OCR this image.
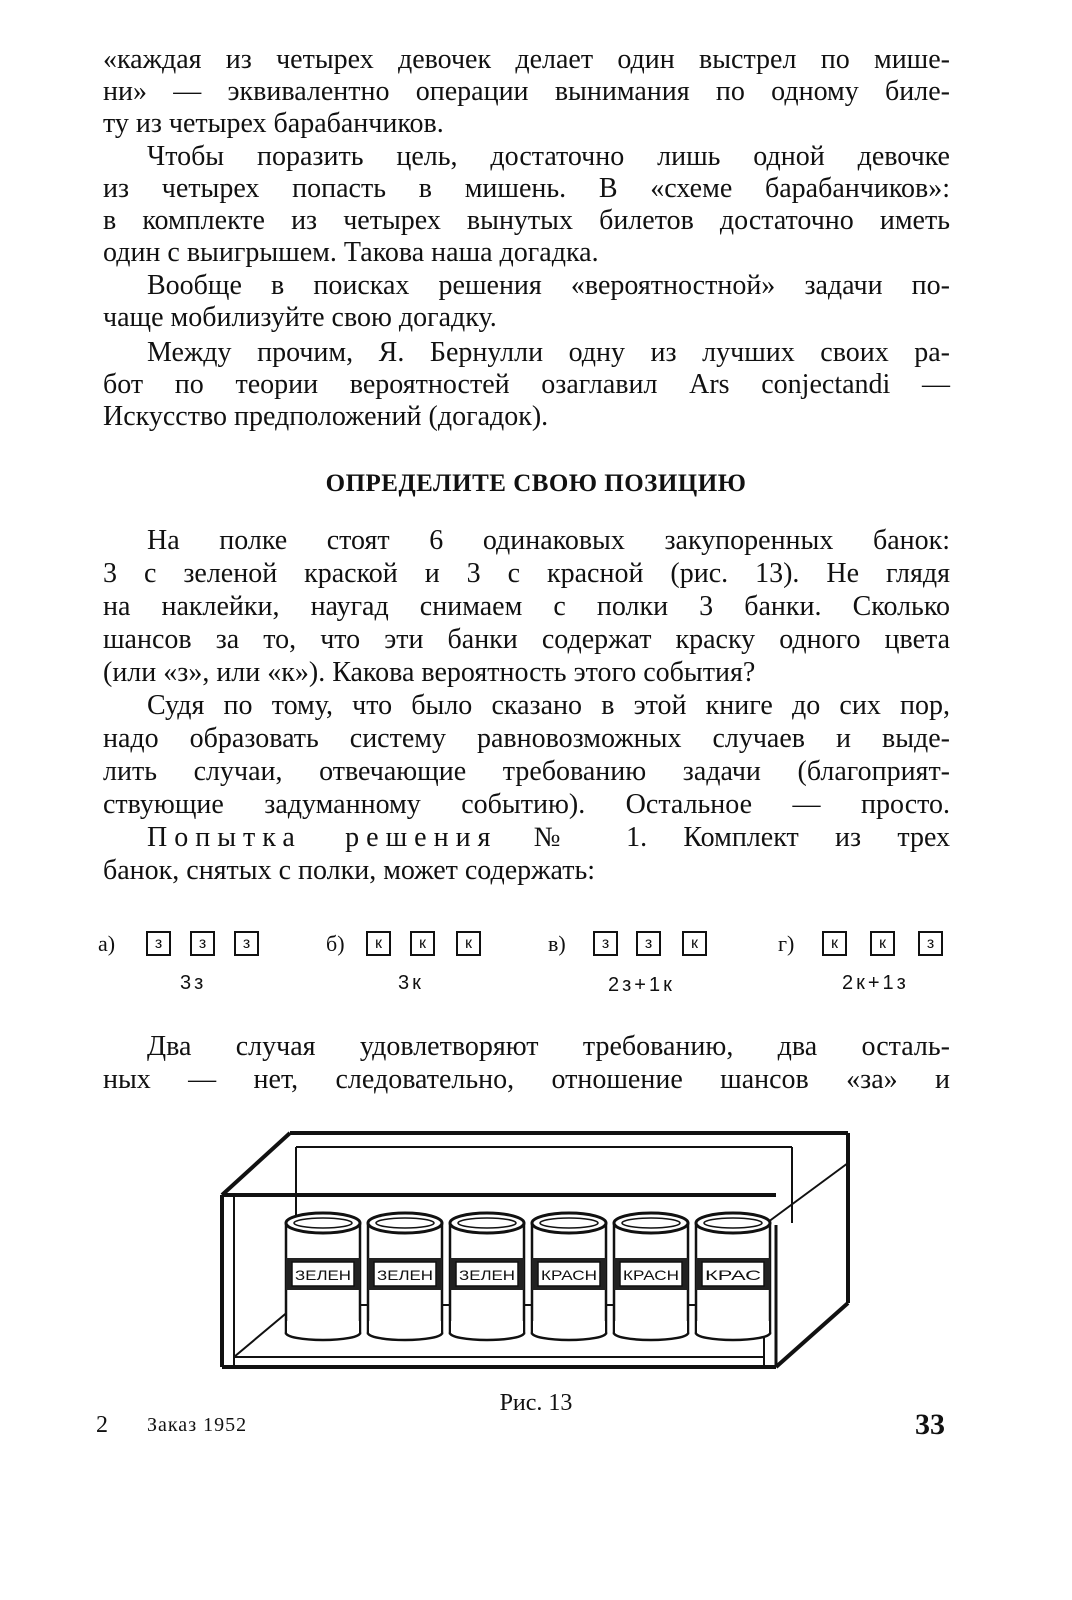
«каждая из четырех девочек делает один выстрел по мише-
ни» — эквивалентно операции вынимания по одному биле-
ту из четырех барабанчиков.
Чтобы поразить цель, достаточно лишь одной девочке
из четырех попасть в мишень. В «схеме барабанчиков»:
в комплекте из четырех вынутых билетов достаточно иметь
один с выигрышем. Такова наша догадка.
Вообще в поисках решения «вероятностной» задачи по-
чаще мобилизуйте свою догадку.
Между прочим, Я. Бернулли одну из лучших своих ра-
бот по теории вероятностей озаглавил Ars conjectandi —
Искусство предположений (догадок).
ОПРЕДЕЛИТЕ СВОЮ ПОЗИЦИЮ
На полке стоят 6 одинаковых закупоренных банок:
3 с зеленой краской и 3 с красной (рис. 13). Не глядя
на наклейки, наугад снимаем с полки 3 банки. Сколько
шансов за то, что эти банки содержат краску одного цвета
(или «з», или «к»). Какова вероятность этого события?
Судя по тому, что было сказано в этой книге до сих пор,
надо образовать систему равновозможных случаев и выде-
лить случаи, отвечающие требованию задачи (благоприят-
ствующие задуманному событию). Остальное — просто.
Попытка решения № 1. Комплект из трех
банок, снятых с полки, может содержать:
а)	з	з	з
3з
б)	к	к	к
3к
в)	з	з	к
2з+1к
г)	к	к	з
2к+1з
Два случая удовлетворяют требованию, два осталь-
ных — нет, следовательно, отношение шансов «за» и
ЗЕЛЕН ЗЕЛЕН ЗЕЛЕН КРАСН КРАСН КРАС
Рис. 13
2 Заказ 1952	33
